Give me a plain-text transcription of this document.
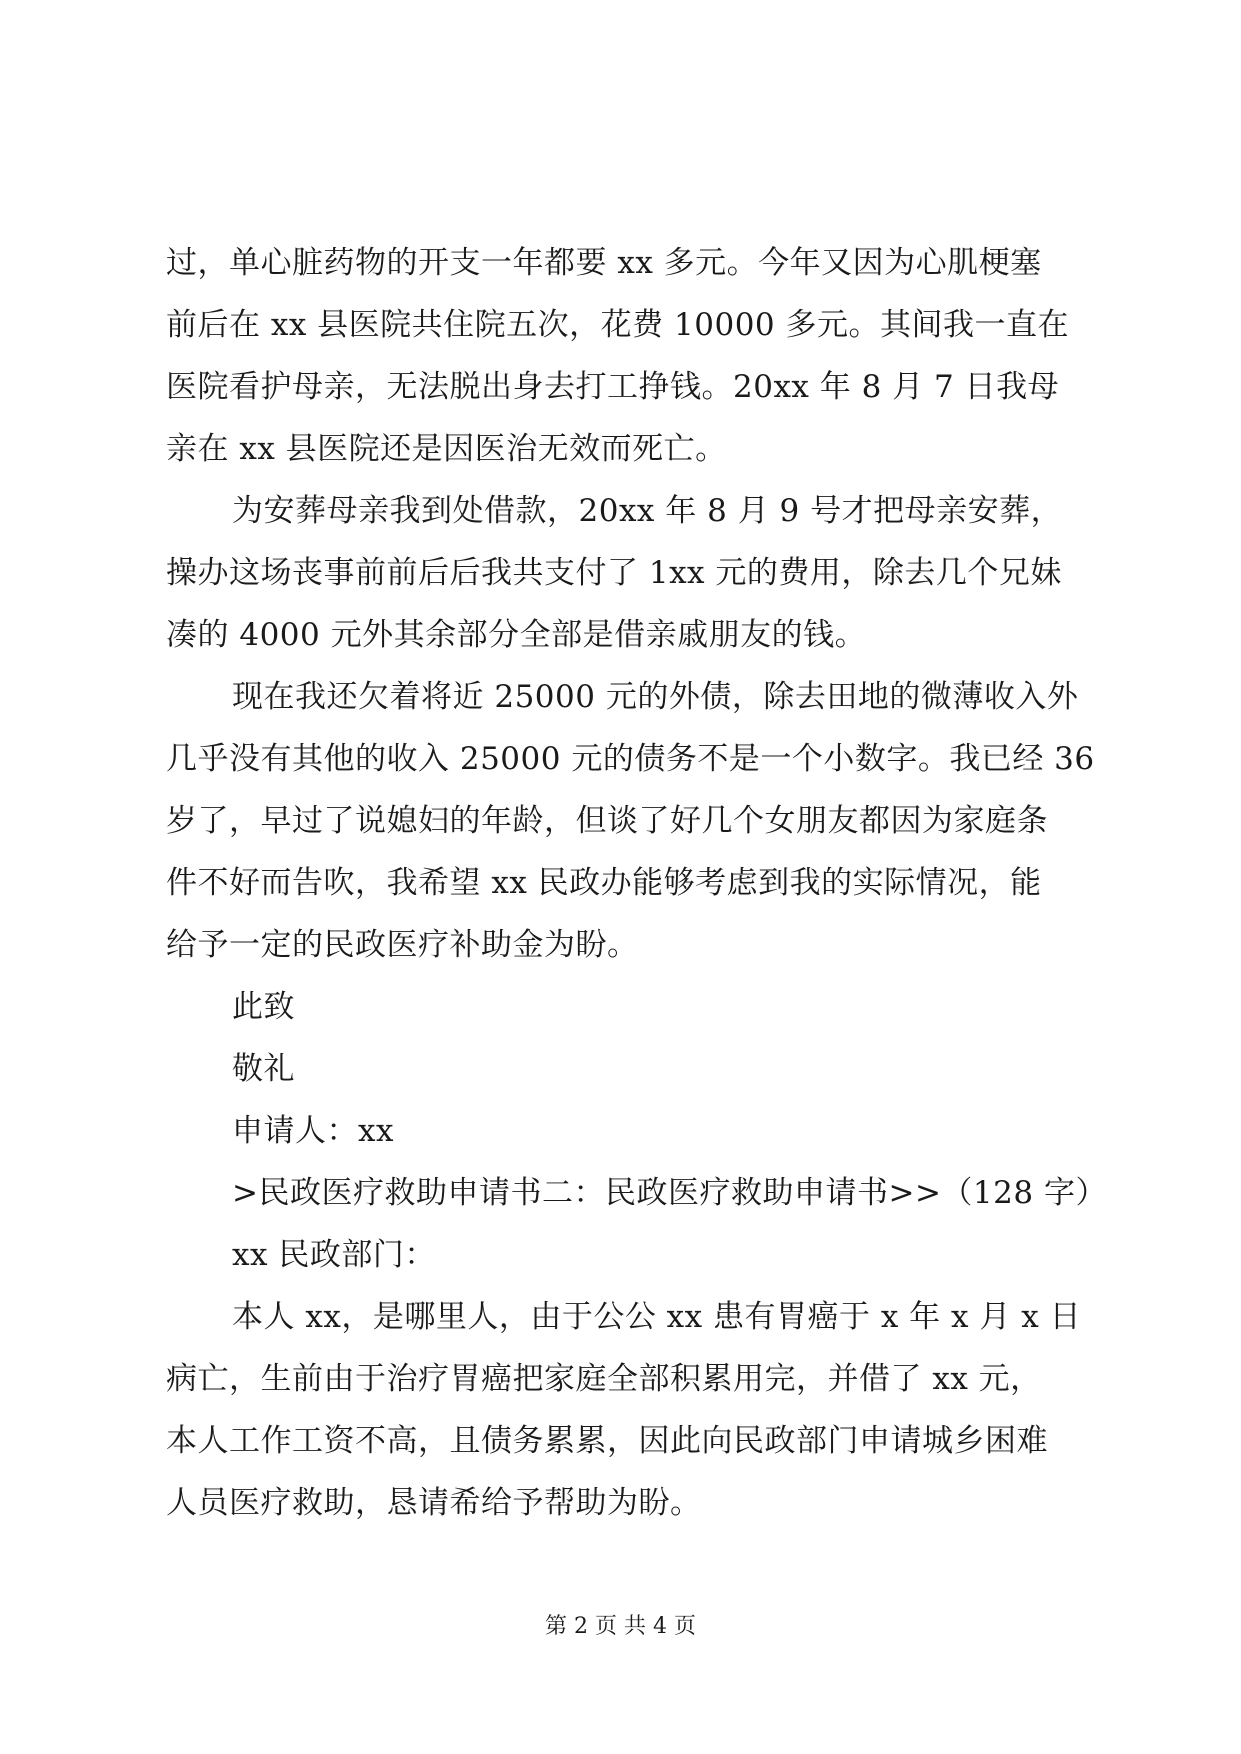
过，单心脏药物的开支一年都要 xx 多元。今年又因为心肌梗塞
前后在 xx 县医院共住院五次，花费 10000 多元。其间我一直在
医院看护母亲，无法脱出身去打工挣钱。20xx 年 8 月 7 日我母
亲在 xx 县医院还是因医治无效而死亡。
为安葬母亲我到处借款，20xx 年 8 月 9 号才把母亲安葬，
操办这场丧事前前后后我共支付了 1xx 元的费用，除去几个兄妹
凑的 4000 元外其余部分全部是借亲戚朋友的钱。
现在我还欠着将近 25000 元的外债，除去田地的微薄收入外
几乎没有其他的收入 25000 元的债务不是一个小数字。我已经 36
岁了，早过了说媳妇的年龄，但谈了好几个女朋友都因为家庭条
件不好而告吹，我希望 xx 民政办能够考虑到我的实际情况，能
给予一定的民政医疗补助金为盼。
此致
敬礼
申请人：xx
>民政医疗救助申请书二：民政医疗救助申请书>>（128 字）
xx 民政部门：
本人 xx，是哪里人，由于公公 xx 患有胃癌于 x 年 x 月 x 日
病亡，生前由于治疗胃癌把家庭全部积累用完，并借了 xx 元，
本人工作工资不高，且债务累累，因此向民政部门申请城乡困难
人员医疗救助，恳请希给予帮助为盼。
第 2 页 共 4 页
